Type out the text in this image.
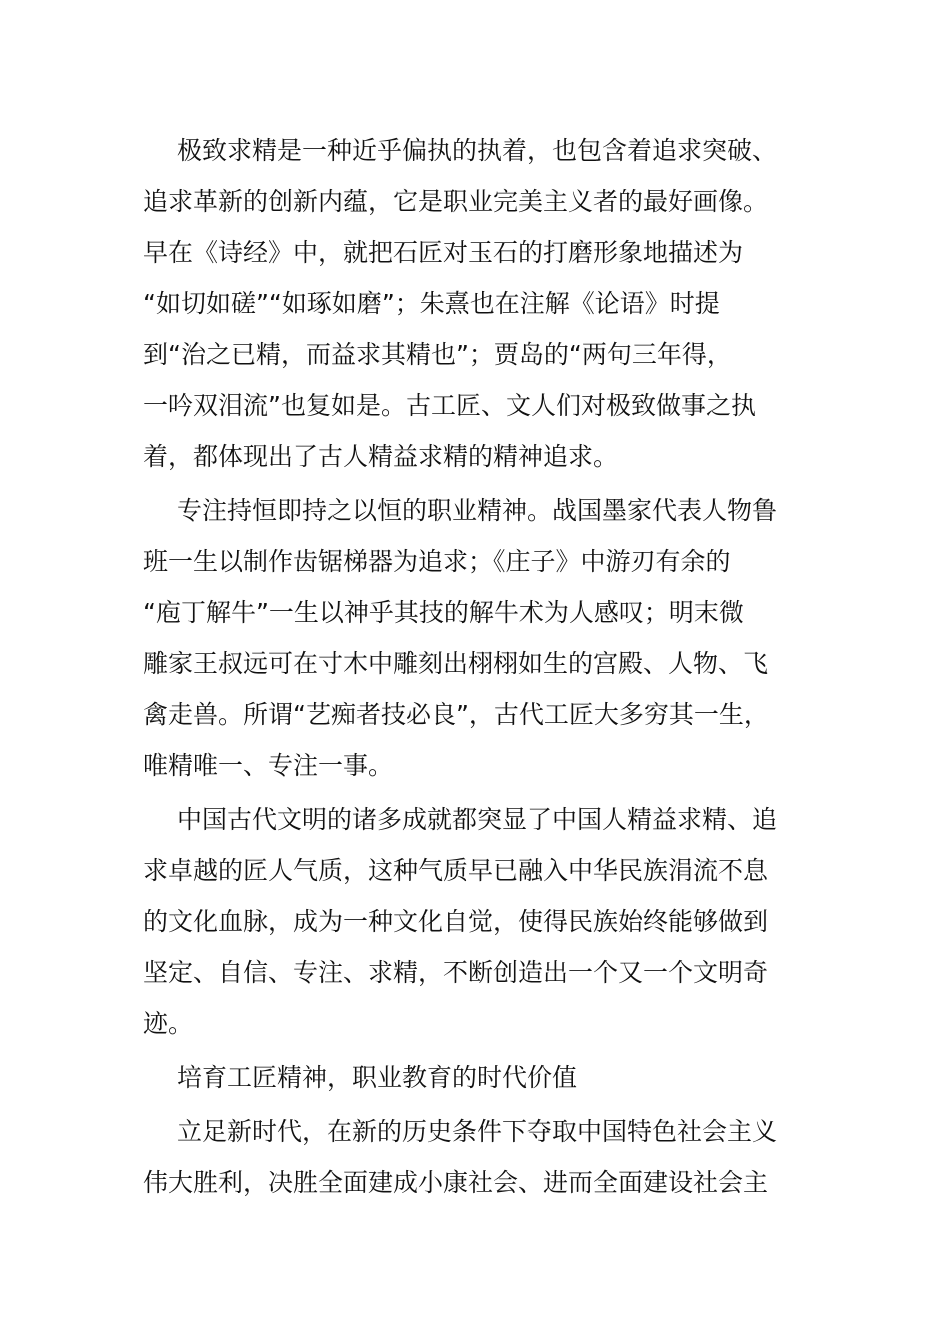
极致求精是一种近乎偏执的执着，也包含着追求突破、
追求革新的创新内蕴，它是职业完美主义者的最好画像。
早在《诗经》中，就把石匠对玉石的打磨形象地描述为
“如切如磋”“如琢如磨”；朱熹也在注解《论语》时提
到“治之已精，而益求其精也”；贾岛的“两句三年得，
一吟双泪流”也复如是。古工匠、文人们对极致做事之执
着，都体现出了古人精益求精的精神追求。
专注持恒即持之以恒的职业精神。战国墨家代表人物鲁
班一生以制作齿锯梯器为追求；《庄子》中游刃有余的
“庖丁解牛”一生以神乎其技的解牛术为人感叹；明末微
雕家王叔远可在寸木中雕刻出栩栩如生的宫殿、人物、飞
禽走兽。所谓“艺痴者技必良”，古代工匠大多穷其一生，
唯精唯一、专注一事。
中国古代文明的诸多成就都突显了中国人精益求精、追
求卓越的匠人气质，这种气质早已融入中华民族涓流不息
的文化血脉，成为一种文化自觉，使得民族始终能够做到
坚定、自信、专注、求精，不断创造出一个又一个文明奇
迹。
培育工匠精神，职业教育的时代价值
立足新时代，在新的历史条件下夺取中国特色社会主义
伟大胜利，决胜全面建成小康社会、进而全面建设社会主
